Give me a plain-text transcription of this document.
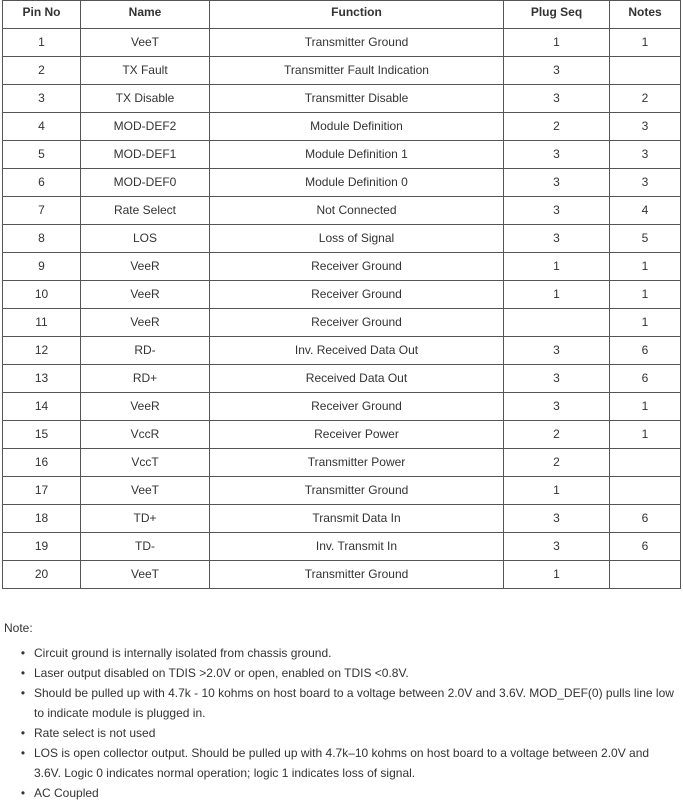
Pin No	Name	Function	Plug Seq	Notes
1	VeeT	Transmitter Ground	1	1
2	TX Fault	Transmitter Fault Indication	3	
3	TX Disable	Transmitter Disable	3	2
4	MOD-DEF2	Module Definition	2	3
5	MOD-DEF1	Module Definition 1	3	3
6	MOD-DEF0	Module Definition 0	3	3
7	Rate Select	Not Connected	3	4
8	LOS	Loss of Signal	3	5
9	VeeR	Receiver Ground	1	1
10	VeeR	Receiver Ground	1	1
11	VeeR	Receiver Ground		1
12	RD-	Inv. Received Data Out	3	6
13	RD+	Received Data Out	3	6
14	VeeR	Receiver Ground	3	1
15	VccR	Receiver Power	2	1
16	VccT	Transmitter Power	2	
17	VeeT	Transmitter Ground	1	
18	TD+	Transmit Data In	3	6
19	TD-	Inv. Transmit In	3	6
20	VeeT	Transmitter Ground	1	

Note:

• Circuit ground is internally isolated from chassis ground.
• Laser output disabled on TDIS >2.0V or open, enabled on TDIS <0.8V.
• Should be pulled up with 4.7k - 10 kohms on host board to a voltage between 2.0V and 3.6V. MOD_DEF(0) pulls line low to indicate module is plugged in.
• Rate select is not used
• LOS is open collector output. Should be pulled up with 4.7k–10 kohms on host board to a voltage between 2.0V and 3.6V. Logic 0 indicates normal operation; logic 1 indicates loss of signal.
• AC Coupled
